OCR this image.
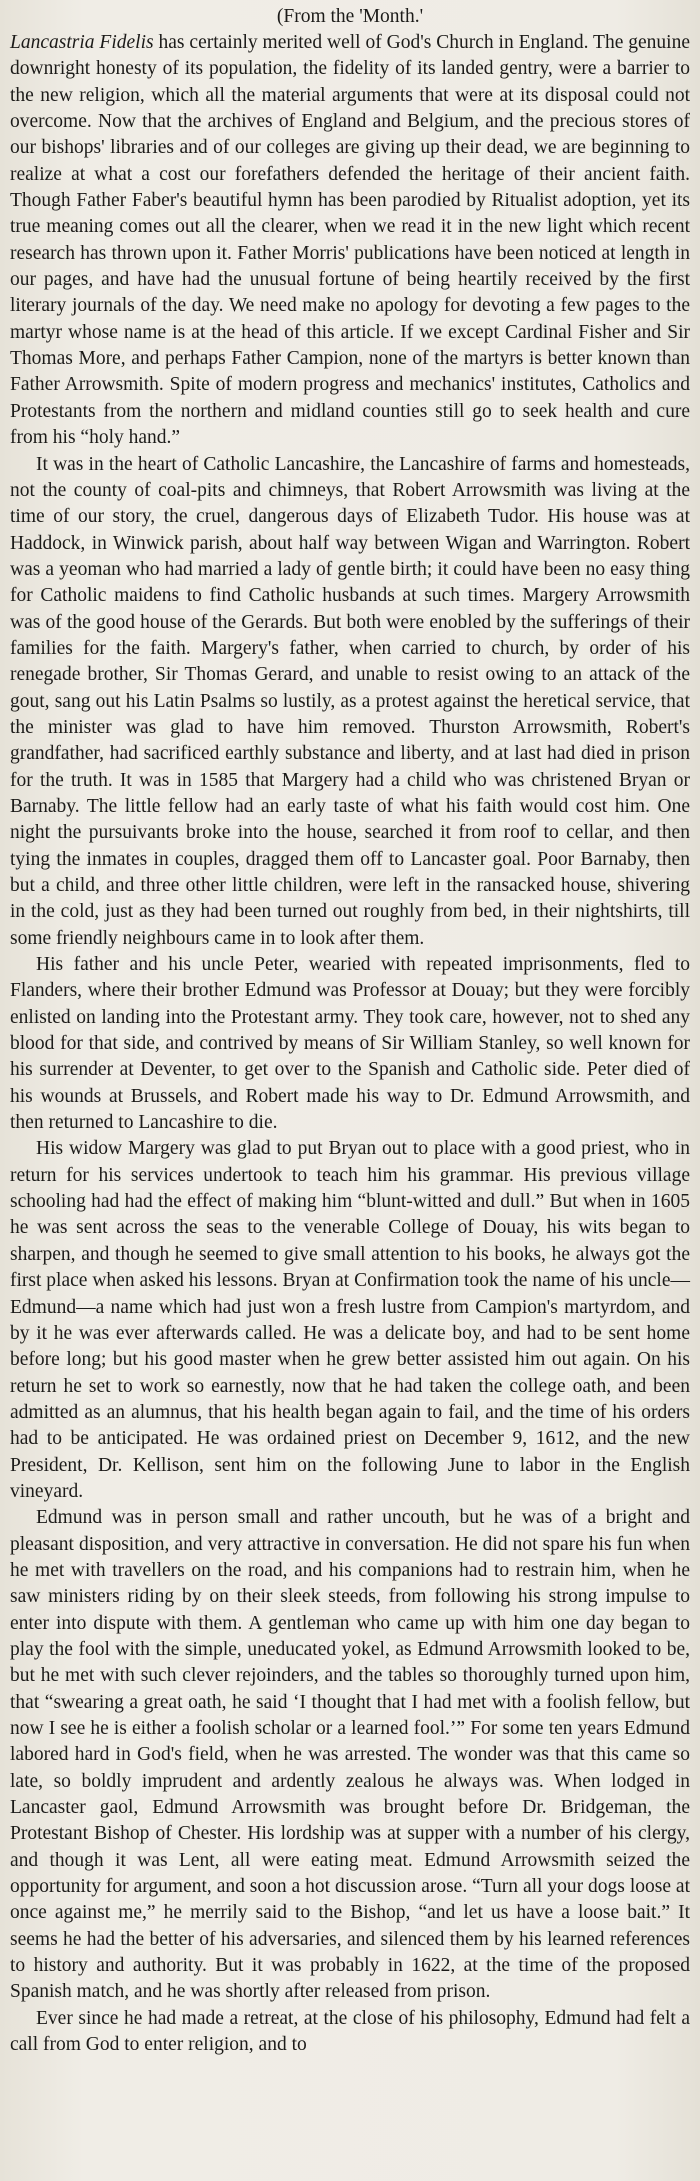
(From the 'Month.'

Lancastria Fidelis has certainly merited well of God's Church in England. The genuine downright honesty of its population, the fidelity of its landed gentry, were a barrier to the new religion, which all the material arguments that were at its disposal could not overcome. Now that the archives of England and Belgium, and the precious stores of our bishops' libraries and of our colleges are giving up their dead, we are beginning to realize at what a cost our forefathers defended the heritage of their ancient faith. Though Father Faber's beautiful hymn has been parodied by Ritualist adoption, yet its true meaning comes out all the clearer, when we read it in the new light which recent research has thrown upon it. Father Morris' publications have been noticed at length in our pages, and have had the unusual fortune of being heartily received by the first literary journals of the day. We need make no apology for devoting a few pages to the martyr whose name is at the head of this article. If we except Cardinal Fisher and Sir Thomas More, and perhaps Father Campion, none of the martyrs is better known than Father Arrowsmith. Spite of modern progress and mechanics' institutes, Catholics and Protestants from the northern and midland counties still go to seek health and cure from his “holy hand.”

It was in the heart of Catholic Lancashire, the Lancashire of farms and homesteads, not the county of coal-pits and chimneys, that Robert Arrowsmith was living at the time of our story, the cruel, dangerous days of Elizabeth Tudor. His house was at Haddock, in Winwick parish, about half way between Wigan and Warrington. Robert was a yeoman who had married a lady of gentle birth; it could have been no easy thing for Catholic maidens to find Catholic husbands at such times. Margery Arrowsmith was of the good house of the Gerards. But both were enobled by the sufferings of their families for the faith. Margery's father, when carried to church, by order of his renegade brother, Sir Thomas Gerard, and unable to resist owing to an attack of the gout, sang out his Latin Psalms so lustily, as a protest against the heretical service, that the minister was glad to have him removed. Thurston Arrowsmith, Robert's grandfather, had sacrificed earthly substance and liberty, and at last had died in prison for the truth. It was in 1585 that Margery had a child who was christened Bryan or Barnaby. The little fellow had an early taste of what his faith would cost him. One night the pursuivants broke into the house, searched it from roof to cellar, and then tying the inmates in couples, dragged them off to Lancaster goal. Poor Barnaby, then but a child, and three other little children, were left in the ransacked house, shivering in the cold, just as they had been turned out roughly from bed, in their nightshirts, till some friendly neighbours came in to look after them.

His father and his uncle Peter, wearied with repeated imprisonments, fled to Flanders, where their brother Edmund was Professor at Douay; but they were forcibly enlisted on landing into the Protestant army. They took care, however, not to shed any blood for that side, and contrived by means of Sir William Stanley, so well known for his surrender at Deventer, to get over to the Spanish and Catholic side. Peter died of his wounds at Brussels, and Robert made his way to Dr. Edmund Arrowsmith, and then returned to Lancashire to die.

His widow Margery was glad to put Bryan out to place with a good priest, who in return for his services undertook to teach him his grammar. His previous village schooling had had the effect of making him “blunt-witted and dull.” But when in 1605 he was sent across the seas to the venerable College of Douay, his wits began to sharpen, and though he seemed to give small attention to his books, he always got the first place when asked his lessons. Bryan at Confirmation took the name of his uncle—Edmund—a name which had just won a fresh lustre from Campion's martyrdom, and by it he was ever afterwards called. He was a delicate boy, and had to be sent home before long; but his good master when he grew better assisted him out again. On his return he set to work so earnestly, now that he had taken the college oath, and been admitted as an alumnus, that his health began again to fail, and the time of his orders had to be anticipated. He was ordained priest on December 9, 1612, and the new President, Dr. Kellison, sent him on the following June to labor in the English vineyard.

Edmund was in person small and rather uncouth, but he was of a bright and pleasant disposition, and very attractive in conversation. He did not spare his fun when he met with travellers on the road, and his companions had to restrain him, when he saw ministers riding by on their sleek steeds, from following his strong impulse to enter into dispute with them. A gentleman who came up with him one day began to play the fool with the simple, uneducated yokel, as Edmund Arrowsmith looked to be, but he met with such clever rejoinders, and the tables so thoroughly turned upon him, that “swearing a great oath, he said ‘I thought that I had met with a foolish fellow, but now I see he is either a foolish scholar or a learned fool.’” For some ten years Edmund labored hard in God's field, when he was arrested. The wonder was that this came so late, so boldly imprudent and ardently zealous he always was. When lodged in Lancaster gaol, Edmund Arrowsmith was brought before Dr. Bridgeman, the Protestant Bishop of Chester. His lordship was at supper with a number of his clergy, and though it was Lent, all were eating meat. Edmund Arrowsmith seized the opportunity for argument, and soon a hot discussion arose. “Turn all your dogs loose at once against me,” he merrily said to the Bishop, “and let us have a loose bait.” It seems he had the better of his adversaries, and silenced them by his learned references to history and authority. But it was probably in 1622, at the time of the proposed Spanish match, and he was shortly after released from prison.

Ever since he had made a retreat, at the close of his philosophy, Edmund had felt a call from God to enter religion, and to
